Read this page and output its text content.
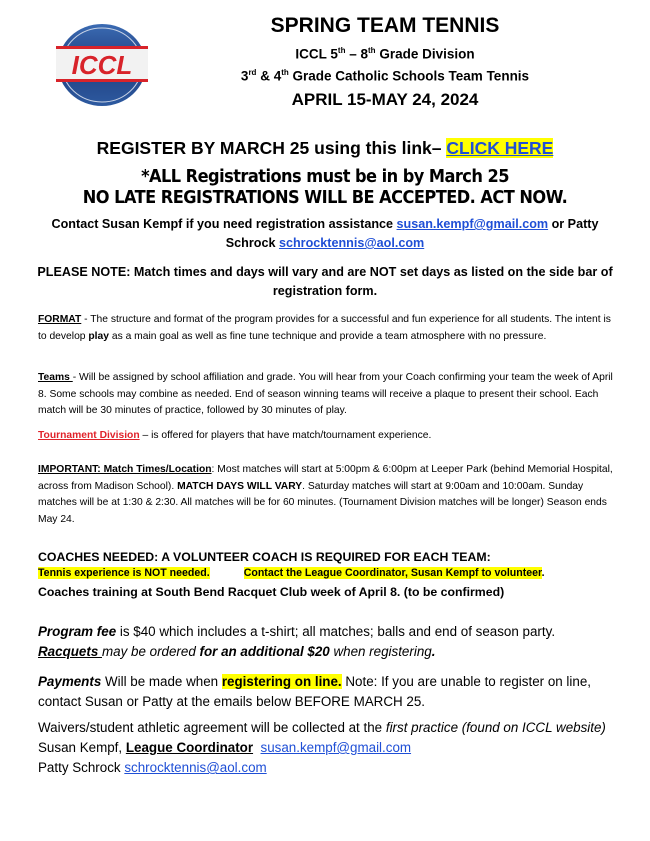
ICCL
SPRING TEAM TENNIS
ICCL 5th – 8th Grade Division
3rd & 4th Grade Catholic Schools Team Tennis
APRIL 15-MAY 24, 2024
REGISTER BY MARCH 25 using this link– CLICK HERE
*ALL Registrations must be in by March 25
NO LATE REGISTRATIONS WILL BE ACCEPTED. ACT NOW.
Contact Susan Kempf if you need registration assistance susan.kempf@gmail.com or Patty Schrock schrocktennis@aol.com
PLEASE NOTE: Match times and days will vary and are NOT set days as listed on the side bar of registration form.
FORMAT - The structure and format of the program provides for a successful and fun experience for all students. The intent is to develop play as a main goal as well as fine tune technique and provide a team atmosphere with no pressure.
Teams - Will be assigned by school affiliation and grade. You will hear from your Coach confirming your team the week of April 8. Some schools may combine as needed. End of season winning teams will receive a plaque to present their school. Each match will be 30 minutes of practice, followed by 30 minutes of play.
Tournament Division – is offered for players that have match/tournament experience.
IMPORTANT: Match Times/Location: Most matches will start at 5:00pm & 6:00pm at Leeper Park (behind Memorial Hospital, across from Madison School). MATCH DAYS WILL VARY. Saturday matches will start at 9:00am and 10:00am. Sunday matches will be at 1:30 & 2:30. All matches will be for 60 minutes. (Tournament Division matches will be longer) Season ends May 24.
COACHES NEEDED: A VOLUNTEER COACH IS REQUIRED FOR EACH TEAM:
Tennis experience is NOT needed.	Contact the League Coordinator, Susan Kempf to volunteer.
Coaches training at South Bend Racquet Club week of April 8. (to be confirmed)
Program fee is $40 which includes a t-shirt; all matches; balls and end of season party.
Racquets may be ordered for an additional $20 when registering.
Payments Will be made when registering on line. Note: If you are unable to register on line, contact Susan or Patty at the emails below BEFORE MARCH 25.
Waivers/student athletic agreement will be collected at the first practice (found on ICCL website)
Susan Kempf, League Coordinator susan.kempf@gmail.com
Patty Schrock schrocktennis@aol.com
